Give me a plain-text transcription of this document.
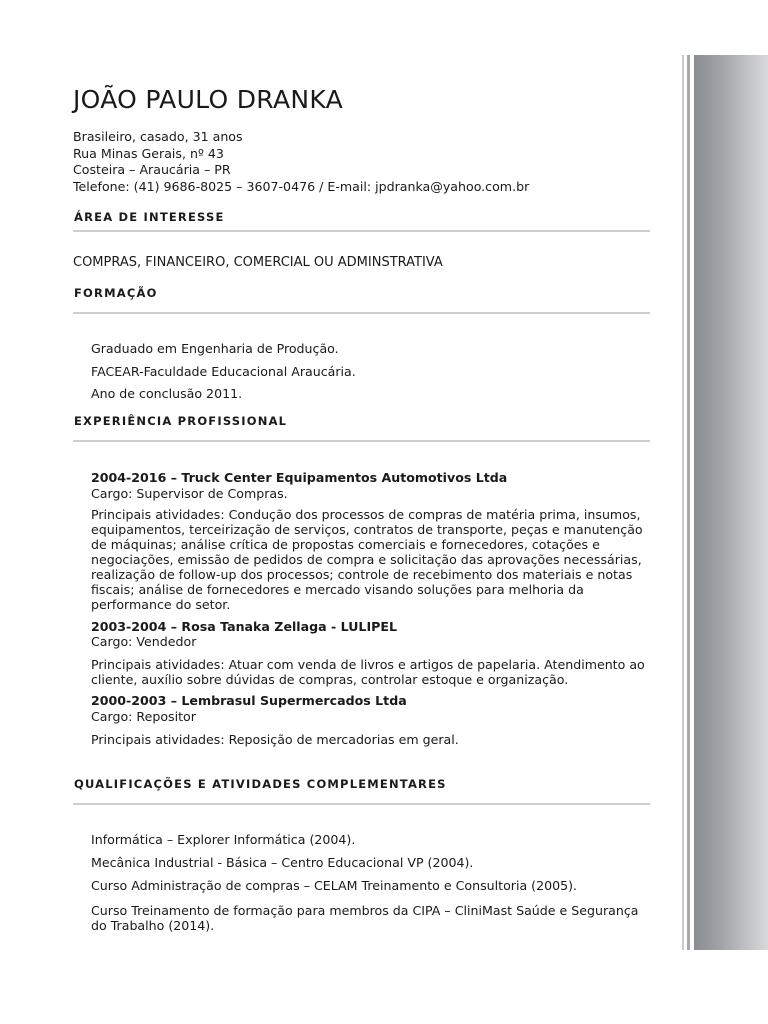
JOÃO PAULO DRANKA
Brasileiro, casado, 31 anos
Rua Minas Gerais, nº 43
Costeira – Araucária – PR
Telefone: (41) 9686-8025 – 3607-0476 / E-mail: jpdranka@yahoo.com.br
ÁREA DE INTERESSE
COMPRAS, FINANCEIRO, COMERCIAL OU ADMINSTRATIVA
FORMAÇÃO
Graduado em Engenharia de Produção.
FACEAR-Faculdade Educacional Araucária.
Ano de conclusão 2011.
EXPERIÊNCIA PROFISSIONAL
2004-2016 – Truck Center Equipamentos Automotivos Ltda
Cargo: Supervisor de Compras.
Principais atividades: Condução dos processos de compras de matéria prima, insumos,
equipamentos, terceirização de serviços, contratos de transporte, peças e manutenção
de máquinas; análise crítica de propostas comerciais e fornecedores, cotações e
negociações, emissão de pedidos de compra e solicitação das aprovações necessárias,
realização de follow-up dos processos; controle de recebimento dos materiais e notas
fiscais; análise de fornecedores e mercado visando soluções para melhoria da
performance do setor.
2003-2004 – Rosa Tanaka Zellaga - LULIPEL
Cargo: Vendedor
Principais atividades: Atuar com venda de livros e artigos de papelaria. Atendimento ao
cliente, auxílio sobre dúvidas de compras, controlar estoque e organização.
2000-2003 – Lembrasul Supermercados Ltda
Cargo: Repositor
Principais atividades: Reposição de mercadorias em geral.
QUALIFICAÇÕES E ATIVIDADES COMPLEMENTARES
Informática – Explorer Informática (2004).
Mecânica Industrial - Básica – Centro Educacional VP (2004).
Curso Administração de compras – CELAM Treinamento e Consultoria (2005).
Curso Treinamento de formação para membros da CIPA – CliniMast Saúde e Segurança
do Trabalho (2014).
